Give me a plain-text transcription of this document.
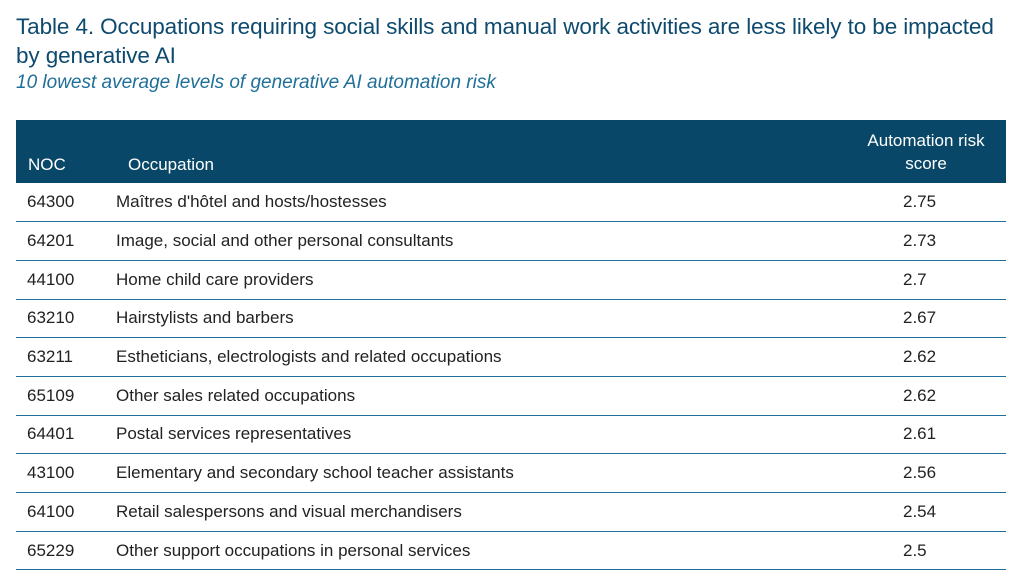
Table 4. Occupations requiring social skills and manual work activities are less likely to be impacted by generative AI
10 lowest average levels of generative AI automation risk
NOC	Occupation	Automation risk
score
64300	Maîtres d'hôtel and hosts/hostesses	2.75
64201	Image, social and other personal consultants	2.73
44100	Home child care providers	2.7
63210	Hairstylists and barbers	2.67
63211	Estheticians, electrologists and related occupations	2.62
65109	Other sales related occupations	2.62
64401	Postal services representatives	2.61
43100	Elementary and secondary school teacher assistants	2.56
64100	Retail salespersons and visual merchandisers	2.54
65229	Other support occupations in personal services	2.5
